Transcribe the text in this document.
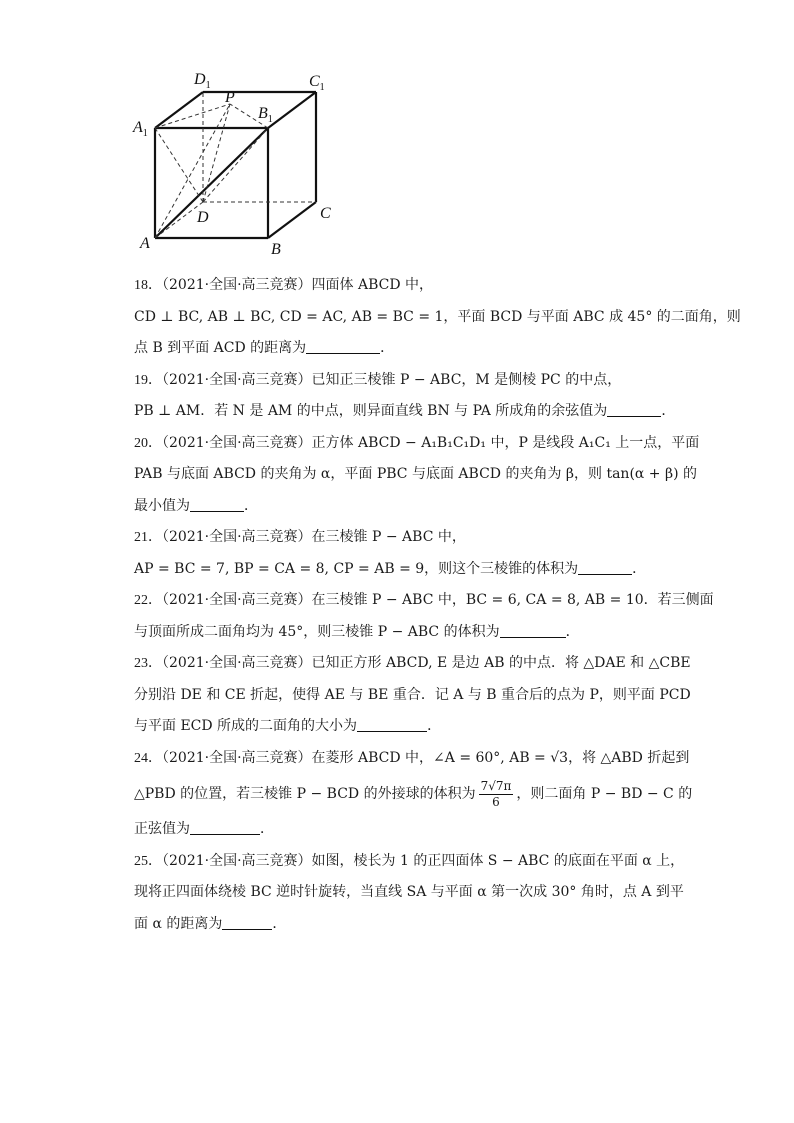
$A_1$
$D_1$	$C_1$
$B_1$
P
A	B
C
D

18．（2021·全国·高三竞赛）四面体 ABCD 中，

CD ⊥ BC, AB ⊥ BC, CD = AC, AB = BC = 1，平面 BCD 与平面 ABC 成 45° 的二面角，则

点 B 到平面 ACD 的距离为	．

19．（2021·全国·高三竞赛）已知正三棱锥 P − ABC，M 是侧棱 PC 的中点，

PB ⊥ AM．若 N 是 AM 的中点，则异面直线 BN 与 PA 所成角的余弦值为	．

20．（2021·全国·高三竞赛）正方体 ABCD − A₁B₁C₁D₁ 中，P 是线段 A₁C₁ 上一点，平面

PAB 与底面 ABCD 的夹角为 α，平面 PBC 与底面 ABCD 的夹角为 β，则 tan(α + β) 的

最小值为	．

21．（2021·全国·高三竞赛）在三棱锥 P − ABC 中，

AP = BC = 7, BP = CA = 8, CP = AB = 9，则这个三棱锥的体积为	．

22．（2021·全国·高三竞赛）在三棱锥 P − ABC 中，BC = 6, CA = 8, AB = 10．若三侧面

与顶面所成二面角均为 45°，则三棱锥 P − ABC 的体积为	．

23．（2021·全国·高三竞赛）已知正方形 ABCD, E 是边 AB 的中点．将 △DAE 和 △CBE

分别沿 DE 和 CE 折起，使得 AE 与 BE 重合．记 A 与 B 重合后的点为 P，则平面 PCD

与平面 ECD 所成的二面角的大小为	．

24．（2021·全国·高三竞赛）在菱形 ABCD 中，∠A = 60°, AB = √3，将 △ABD 折起到

△PBD 的位置，若三棱锥 P − BCD 的外接球的体积为 $\frac{7√7\pi}{6}$ ，则二面角 P − BD − C 的

正弦值为	．

25．（2021·全国·高三竞赛）如图，棱长为 1 的正四面体 S − ABC 的底面在平面 α 上，

现将正四面体绕棱 BC 逆时针旋转，当直线 SA 与平面 α 第一次成 30° 角时，点 A 到平

面 α 的距离为	．
